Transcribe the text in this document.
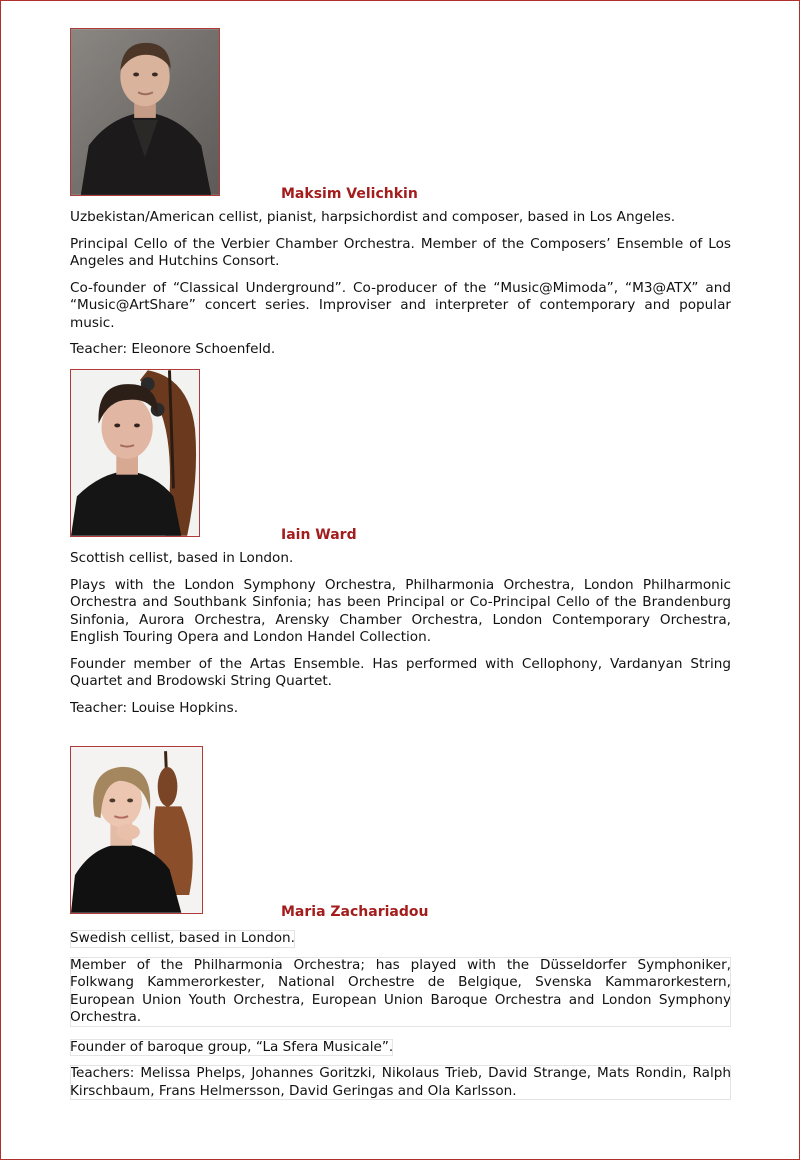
Maksim Velichkin

Uzbekistan/American cellist, pianist, harpsichordist and composer, based in Los Angeles.

Principal Cello of the Verbier Chamber Orchestra. Member of the Composers’ Ensemble of Los Angeles and Hutchins Consort.

Co-founder of “Classical Underground”. Co-producer of the “Music@Mimoda”, “M3@ATX” and “Music@ArtShare” concert series. Improviser and interpreter of contemporary and popular music.

Teacher: Eleonore Schoenfeld.

Iain Ward

Scottish cellist, based in London.

Plays with the London Symphony Orchestra, Philharmonia Orchestra, London Philharmonic Orchestra and Southbank Sinfonia; has been Principal or Co-Principal Cello of the Brandenburg Sinfonia, Aurora Orchestra, Arensky Chamber Orchestra, London Contemporary Orchestra, English Touring Opera and London Handel Collection.

Founder member of the Artas Ensemble. Has performed with Cellophony, Vardanyan String Quartet and Brodowski String Quartet.

Teacher: Louise Hopkins.

Maria Zachariadou

Swedish cellist, based in London.

Member of the Philharmonia Orchestra; has played with the Düsseldorfer Symphoniker, Folkwang Kammerorkester, National Orchestre de Belgique, Svenska Kammarorkestern, European Union Youth Orchestra, European Union Baroque Orchestra and London Symphony Orchestra.

Founder of baroque group, “La Sfera Musicale”.

Teachers: Melissa Phelps, Johannes Goritzki, Nikolaus Trieb, David Strange, Mats Rondin, Ralph Kirschbaum, Frans Helmersson, David Geringas and Ola Karlsson.
